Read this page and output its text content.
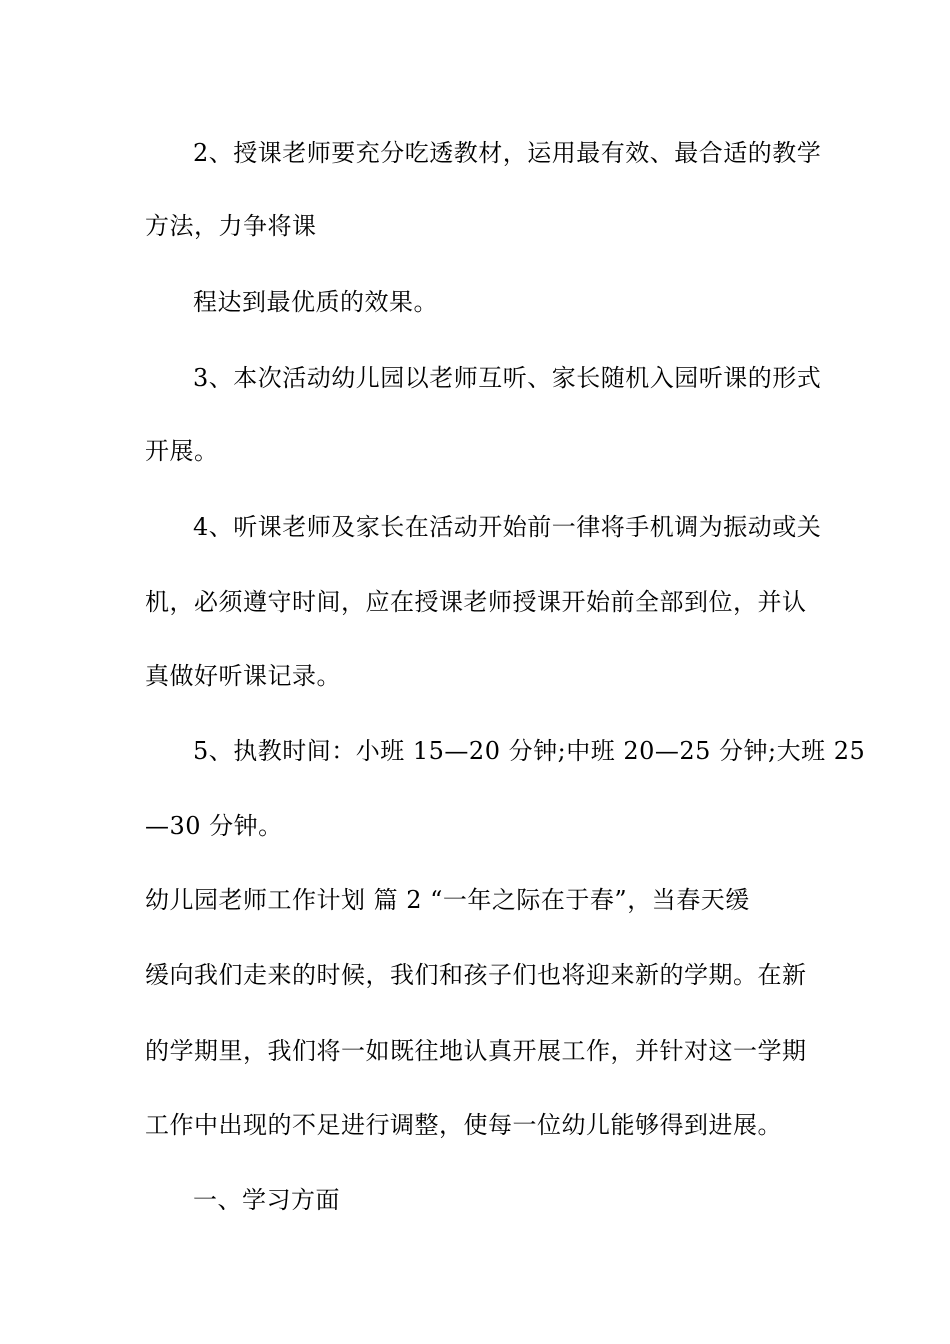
2、授课老师要充分吃透教材，运用最有效、最合适的教学
方法，力争将课
程达到最优质的效果。
3、本次活动幼儿园以老师互听、家长随机入园听课的形式
开展。
4、听课老师及家长在活动开始前一律将手机调为振动或关
机，必须遵守时间，应在授课老师授课开始前全部到位，并认
真做好听课记录。
5、执教时间：小班 15—20 分钟;中班 20—25 分钟;大班 25
—30 分钟。
幼儿园老师工作计划 篇 2 “一年之际在于春”，当春天缓
缓向我们走来的时候，我们和孩子们也将迎来新的学期。在新
的学期里，我们将一如既往地认真开展工作，并针对这一学期
工作中出现的不足进行调整，使每一位幼儿能够得到进展。
一、学习方面
